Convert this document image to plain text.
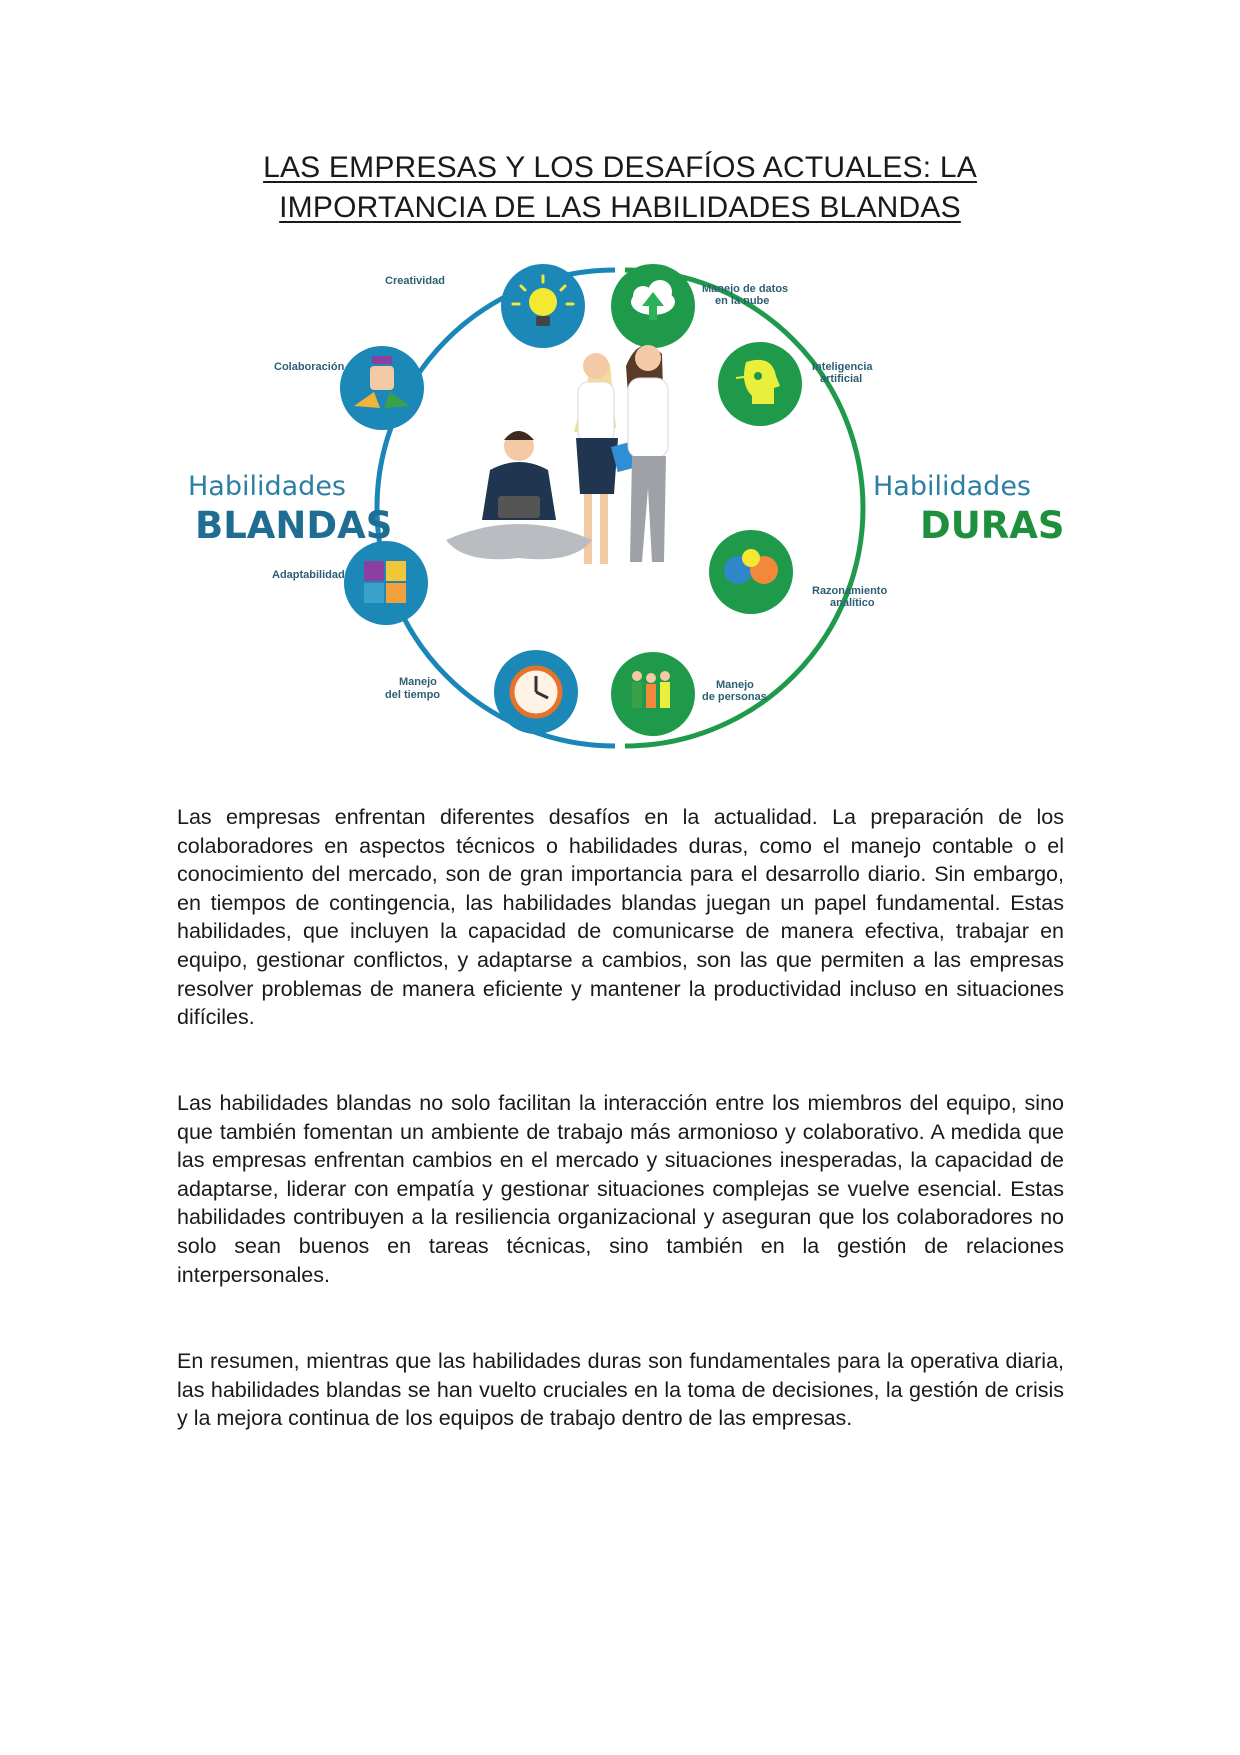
LAS EMPRESAS Y LOS DESAFÍOS ACTUALES: LA IMPORTANCIA DE LAS HABILIDADES BLANDAS
Habilidades
BLANDAS
Habilidades
DURAS
Creatividad
Colaboración
Adaptabilidad
Manejo
del tiempo
Manejo de datos
en la nube
Inteligencia
artificial
Razonamiento
analítico
Manejo
de personas

Las empresas enfrentan diferentes desafíos en la actualidad. La preparación de los colaboradores en aspectos técnicos o habilidades duras, como el manejo contable o el conocimiento del mercado, son de gran importancia para el desarrollo diario. Sin embargo, en tiempos de contingencia, las habilidades blandas juegan un papel fundamental. Estas habilidades, que incluyen la capacidad de comunicarse de manera efectiva, trabajar en equipo, gestionar conflictos, y adaptarse a cambios, son las que permiten a las empresas resolver problemas de manera eficiente y mantener la productividad incluso en situaciones difíciles.

Las habilidades blandas no solo facilitan la interacción entre los miembros del equipo, sino que también fomentan un ambiente de trabajo más armonioso y colaborativo. A medida que las empresas enfrentan cambios en el mercado y situaciones inesperadas, la capacidad de adaptarse, liderar con empatía y gestionar situaciones complejas se vuelve esencial. Estas habilidades contribuyen a la resiliencia organizacional y aseguran que los colaboradores no solo sean buenos en tareas técnicas, sino también en la gestión de relaciones interpersonales.

En resumen, mientras que las habilidades duras son fundamentales para la operativa diaria, las habilidades blandas se han vuelto cruciales en la toma de decisiones, la gestión de crisis y la mejora continua de los equipos de trabajo dentro de las empresas.
